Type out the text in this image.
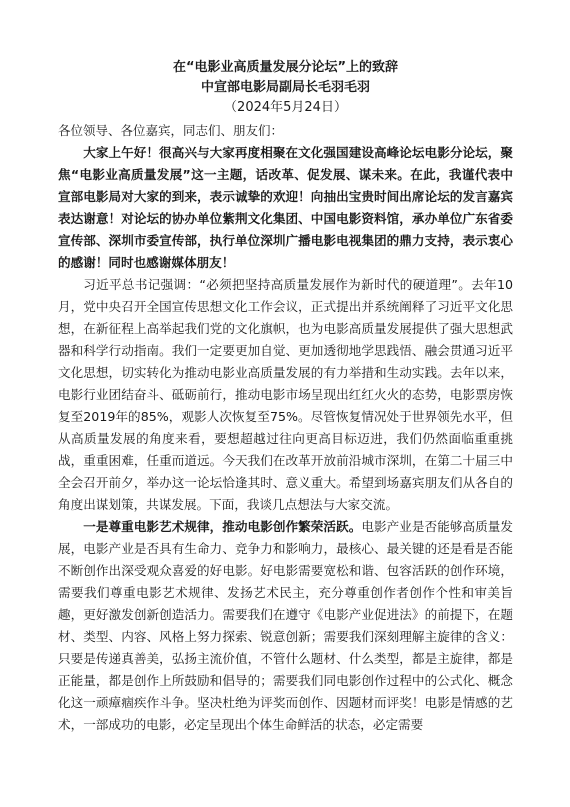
在“电影业高质量发展分论坛”上的致辞
中宣部电影局副局长毛羽毛羽
（2024年5月24日）
各位领导、各位嘉宾，同志们、朋友们：

大家上午好！很高兴与大家再度相聚在文化强国建设高峰论坛电影分论坛，聚焦“电影业高质量发展”这一主题，话改革、促发展、谋未来。在此，我谨代表中宣部电影局对大家的到来，表示诚挚的欢迎！向抽出宝贵时间出席论坛的发言嘉宾表达谢意！对论坛的协办单位紫荆文化集团、中国电影资料馆，承办单位广东省委宣传部、深圳市委宣传部，执行单位深圳广播电影电视集团的鼎力支持，表示衷心的感谢！同时也感谢媒体朋友！

习近平总书记强调：“必须把坚持高质量发展作为新时代的硬道理”。去年10月，党中央召开全国宣传思想文化工作会议，正式提出并系统阐释了习近平文化思想，在新征程上高举起我们党的文化旗帜，也为电影高质量发展提供了强大思想武器和科学行动指南。我们一定要更加自觉、更加透彻地学思践悟、融会贯通习近平文化思想，切实转化为推动电影业高质量发展的有力举措和生动实践。去年以来，电影行业团结奋斗、砥砺前行，推动电影市场呈现出红红火火的态势，电影票房恢复至2019年的85%，观影人次恢复至75%。尽管恢复情况处于世界领先水平，但从高质量发展的角度来看，要想超越过往向更高目标迈进，我们仍然面临重重挑战，重重困难，任重而道远。今天我们在改革开放前沿城市深圳，在第二十届三中全会召开前夕，举办这一论坛恰逢其时、意义重大。希望到场嘉宾朋友们从各自的角度出谋划策，共谋发展。下面，我谈几点想法与大家交流。

一是尊重电影艺术规律，推动电影创作繁荣活跃。电影产业是否能够高质量发展，电影产业是否具有生命力、竞争力和影响力，最核心、最关键的还是看是否能不断创作出深受观众喜爱的好电影。好电影需要宽松和谐、包容活跃的创作环境，需要我们尊重电影艺术规律、发扬艺术民主，充分尊重创作者创作个性和审美旨趣，更好激发创新创造活力。需要我们在遵守《电影产业促进法》的前提下，在题材、类型、内容、风格上努力探索、锐意创新；需要我们深刻理解主旋律的含义：只要是传递真善美，弘扬主流价值，不管什么题材、什么类型，都是主旋律，都是正能量，都是创作上所鼓励和倡导的；需要我们同电影创作过程中的公式化、概念化这一顽瘴痼疾作斗争。坚决杜绝为评奖而创作、因题材而评奖！电影是情感的艺术，一部成功的电影，必定呈现出个体生命鲜活的状态，必定需要
